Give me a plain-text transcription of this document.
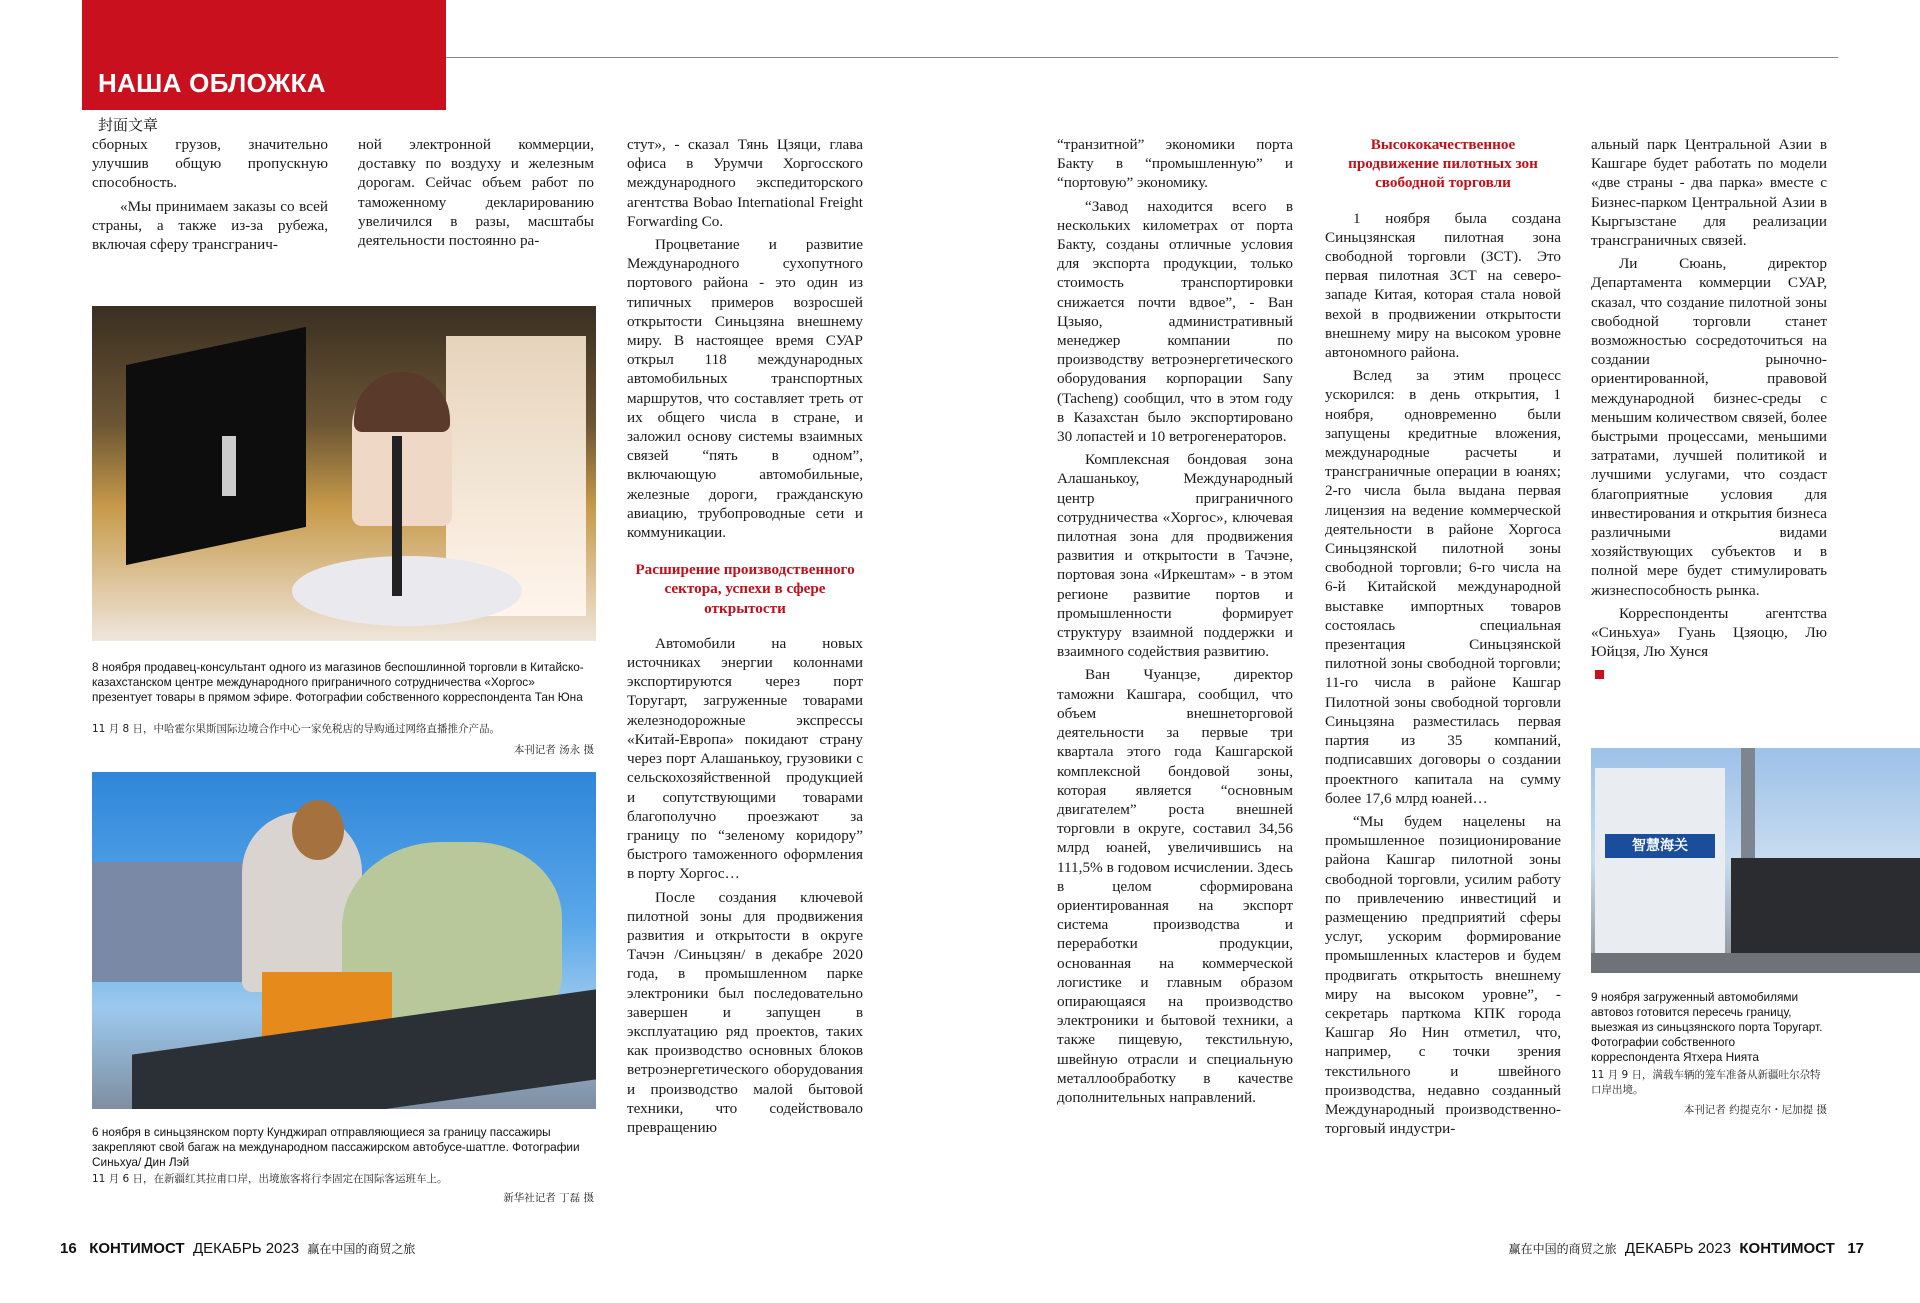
НАША ОБЛОЖКА
封面文章

сборных грузов, значительно улучшив общую пропускную способность.

«Мы принимаем заказы со всей страны, а также из-за рубежа, включая сферу трансгранич-

ной электронной коммерции, доставку по воздуху и железным дорогам. Сейчас объем работ по таможенному декларированию увеличился в разы, масштабы деятельности постоянно ра-

8 ноября продавец-консультант одного из магазинов беспошлинной торговли в Китайско-казахстанском центре международного приграничного сотрудничества «Хоргос» презентует товары в прямом эфире. Фотографии собственного корреспондента Тан Юна
11 月 8 日，中哈霍尔果斯国际边境合作中心一家免税店的导购通过网络直播推介产品。
本刊记者 汤永 摄
6 ноября в синьцзянском порту Кунджирап отправляющиеся за границу пассажиры закрепляют свой багаж на международном пассажирском автобусе-шаттле. Фотографии Синьхуа/ Дин Лэй
11 月 6 日，在新疆红其拉甫口岸，出境旅客将行李固定在国际客运班车上。
新华社记者 丁磊 摄

стут», - сказал Тянь Цзяци, глава офиса в Урумчи Хоргосского международного экспедиторского агентства Bobao International Freight Forwarding Co.

Процветание и развитие Международного сухопутного портового района - это один из типичных примеров возросшей открытости Синьцзяна внешнему миру. В настоящее время СУАР открыл 118 международных автомобильных транспортных маршрутов, что составляет треть от их общего числа в стране, и заложил основу системы взаимных связей “пять в одном”, включающую автомобильные, железные дороги, гражданскую авиацию, трубопроводные сети и коммуникации.

Расширение производственного сектора, успехи в сфере открытости

Автомобили на новых источниках энергии колоннами экспортируются через порт Торугарт, загруженные товарами железнодорожные экспрессы «Китай-Европа» покидают страну через порт Алашанькоу, грузовики с сельскохозяйственной продукцией и сопутствующими товарами благополучно проезжают за границу по “зеленому коридору” быстрого таможенного оформления в порту Хоргос…

После создания ключевой пилотной зоны для продвижения развития и открытости в округе Тачэн /Синьцзян/ в декабре 2020 года, в промышленном парке электроники был последовательно завершен и запущен в эксплуатацию ряд проектов, таких как производство основных блоков ветроэнергетического оборудования и производство малой бытовой техники, что содействовало превращению

“транзитной” экономики порта Бакту в “промышленную” и “портовую” экономику.

“Завод находится всего в нескольких километрах от порта Бакту, созданы отличные условия для экспорта продукции, только стоимость транспортировки снижается почти вдвое”, - Ван Цзыяо, административный менеджер компании по производству ветроэнергетического оборудования корпорации Sany (Tacheng) сообщил, что в этом году в Казахстан было экспортировано 30 лопастей и 10 ветрогенераторов.

Комплексная бондовая зона Алашанькоу, Международный центр приграничного сотрудничества «Хоргос», ключевая пилотная зона для продвижения развития и открытости в Тачэне, портовая зона «Иркештам» - в этом регионе развитие портов и промышленности формирует структуру взаимной поддержки и взаимного содействия развитию.

Ван Чуанцзе, директор таможни Кашгара, сообщил, что объем внешнеторговой деятельности за первые три квартала этого года Кашгарской комплексной бондовой зоны, которая является “основным двигателем” роста внешней торговли в округе, составил 34,56 млрд юаней, увеличившись на 111,5% в годовом исчислении. Здесь в целом сформирована ориентированная на экспорт система производства и переработки продукции, основанная на коммерческой логистике и главным образом опирающаяся на производство электроники и бытовой техники, а также пищевую, текстильную, швейную отрасли и специальную металлообработку в качестве дополнительных направлений.

Высококачественное продвижение пилотных зон свободной торговли

1 ноября была создана Синьцзянская пилотная зона свободной торговли (ЗСТ). Это первая пилотная ЗСТ на северо-западе Китая, которая стала новой вехой в продвижении открытости внешнему миру на высоком уровне автономного района.

Вслед за этим процесс ускорился: в день открытия, 1 ноября, одновременно были запущены кредитные вложения, международные расчеты и трансграничные операции в юанях; 2-го числа была выдана первая лицензия на ведение коммерческой деятельности в районе Хоргоса Синьцзянской пилотной зоны свободной торговли; 6-го числа на 6-й Китайской международной выставке импортных товаров состоялась специальная презентация Синьцзянской пилотной зоны свободной торговли; 11-го числа в районе Кашгар Пилотной зоны свободной торговли Синьцзяна разместилась первая партия из 35 компаний, подписавших договоры о создании проектного капитала на сумму более 17,6 млрд юаней…

“Мы будем нацелены на промышленное позиционирование района Кашгар пилотной зоны свободной торговли, усилим работу по привлечению инвестиций и размещению предприятий сферы услуг, ускорим формирование промышленных кластеров и будем продвигать открытость внешнему миру на высоком уровне”, - секретарь парткома КПК города Кашгар Яо Нин отметил, что, например, с точки зрения текстильного и швейного производства, недавно созданный Международный производственно-торговый индустри-

альный парк Центральной Азии в Кашгаре будет работать по модели «две страны - два парка» вместе с Бизнес-парком Центральной Азии в Кыргызстане для реализации трансграничных связей.

Ли Сюань, директор Департамента коммерции СУАР, сказал, что создание пилотной зоны свободной торговли станет возможностью сосредоточиться на создании рыночно-ориентированной, правовой международной бизнес-среды с меньшим количеством связей, более быстрыми процессами, меньшими затратами, лучшей политикой и лучшими услугами, что создаст благоприятные условия для инвестирования и открытия бизнеса различными видами хозяйствующих субъектов и в полной мере будет стимулировать жизнеспособность рынка.

Корреспонденты агентства «Синьхуа» Гуань Цзяоцю, Лю Юйцзя, Лю Хунся

智慧海关
9 ноября загруженный автомобилями автовоз готовится пересечь границу, выезжая из синьцзянского порта Торугарт. Фотографии собственного корреспондента Ятхера Нията
11 月 9 日，满载车辆的笼车准备从新疆吐尔尕特口岸出境。
本刊记者 约提克尔・尼加提 摄
16 КОНТИМОСТ ДЕКАБРЬ 2023 赢在中国的商贸之旅	赢在中国的商贸之旅 ДЕКАБРЬ 2023 КОНТИМОСТ 17
